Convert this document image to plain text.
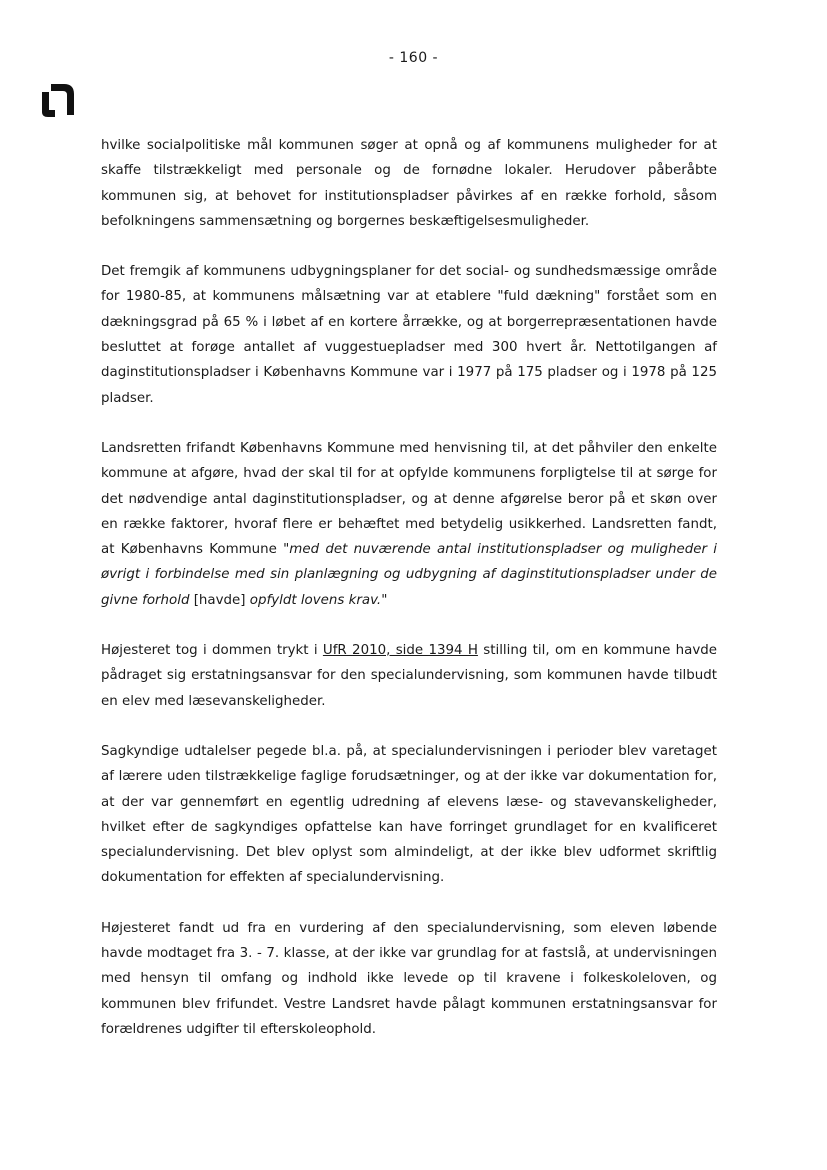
- 160 -

hvilke socialpolitiske mål kommunen søger at opnå og af kommunens muligheder for at skaffe tilstrækkeligt med personale og de fornødne lokaler. Herudover påberåbte kommunen sig, at behovet for institutionspladser påvirkes af en række forhold, såsom befolkningens sammensætning og borgernes beskæftigelsesmuligheder.

Det fremgik af kommunens udbygningsplaner for det social- og sundhedsmæssige område for 1980-85, at kommunens målsætning var at etablere "fuld dækning" forstået som en dækningsgrad på 65 % i løbet af en kortere årrække, og at borgerrepræsentationen havde besluttet at forøge antallet af vuggestuepladser med 300 hvert år. Nettotilgangen af daginstitutionspladser i Københavns Kommune var i 1977 på 175 pladser og i 1978 på 125 pladser.

Landsretten frifandt Københavns Kommune med henvisning til, at det påhviler den enkelte kommune at afgøre, hvad der skal til for at opfylde kommunens forpligtelse til at sørge for det nødvendige antal daginstitutionspladser, og at denne afgørelse beror på et skøn over en række faktorer, hvoraf flere er behæftet med betydelig usikkerhed. Landsretten fandt, at Københavns Kommune "med det nuværende antal institutionspladser og muligheder i øvrigt i forbindelse med sin planlægning og udbygning af daginstitutionspladser under de givne forhold [havde] opfyldt lovens krav."

Højesteret tog i dommen trykt i UfR 2010, side 1394 H stilling til, om en kommune havde pådraget sig erstatningsansvar for den specialundervisning, som kommunen havde tilbudt en elev med læsevanskeligheder.

Sagkyndige udtalelser pegede bl.a. på, at specialundervisningen i perioder blev varetaget af lærere uden tilstrækkelige faglige forudsætninger, og at der ikke var dokumentation for, at der var gennemført en egentlig udredning af elevens læse- og stavevanskeligheder, hvilket efter de sagkyndiges opfattelse kan have forringet grundlaget for en kvalificeret specialundervisning. Det blev oplyst som almindeligt, at der ikke blev udformet skriftlig dokumentation for effekten af specialundervisning.

Højesteret fandt ud fra en vurdering af den specialundervisning, som eleven løbende havde modtaget fra 3. - 7. klasse, at der ikke var grundlag for at fastslå, at undervisningen med hensyn til omfang og indhold ikke levede op til kravene i folkeskoleloven, og kommunen blev frifundet. Vestre Landsret havde pålagt kommunen erstatningsansvar for forældrenes udgifter til efterskoleophold.
